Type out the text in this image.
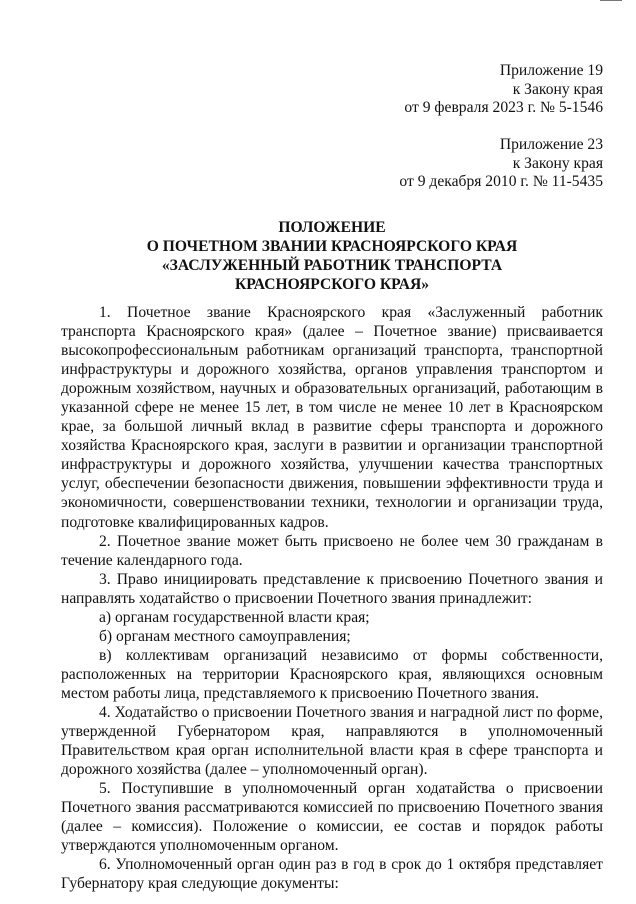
Приложение 19
к Закону края
от 9 февраля 2023 г. № 5-1546
Приложение 23
к Закону края
от 9 декабря 2010 г. № 11-5435
ПОЛОЖЕНИЕ
О ПОЧЕТНОМ ЗВАНИИ КРАСНОЯРСКОГО КРАЯ
«ЗАСЛУЖЕННЫЙ РАБОТНИК ТРАНСПОРТА
КРАСНОЯРСКОГО КРАЯ»

1. Почетное звание Красноярского края «Заслуженный работник транспорта Красноярского края» (далее – Почетное звание) присваивается высокопрофессиональным работникам организаций транспорта, транспортной инфраструктуры и дорожного хозяйства, органов управления транспортом и дорожным хозяйством, научных и образовательных организаций, работающим в указанной сфере не менее 15 лет, в том числе не менее 10 лет в Красноярском крае, за большой личный вклад в развитие сферы транспорта и дорожного хозяйства Красноярского края, заслуги в развитии и организации транспортной инфраструктуры и дорожного хозяйства, улучшении качества транспортных услуг, обеспечении безопасности движения, повышении эффективности труда и экономичности, совершенствовании техники, технологии и организации труда, подготовке квалифицированных кадров.

2. Почетное звание может быть присвоено не более чем 30 гражданам в течение календарного года.

3. Право инициировать представление к присвоению Почетного звания и направлять ходатайство о присвоении Почетного звания принадлежит:

а) органам государственной власти края;

б) органам местного самоуправления;

в) коллективам организаций независимо от формы собственности, расположенных на территории Красноярского края, являющихся основным местом работы лица, представляемого к присвоению Почетного звания.

4. Ходатайство о присвоении Почетного звания и наградной лист по форме, утвержденной Губернатором края, направляются в уполномоченный Правительством края орган исполнительной власти края в сфере транспорта и дорожного хозяйства (далее – уполномоченный орган).

5. Поступившие в уполномоченный орган ходатайства о присвоении Почетного звания рассматриваются комиссией по присвоению Почетного звания (далее – комиссия). Положение о комиссии, ее состав и порядок работы утверждаются уполномоченным органом.

6. Уполномоченный орган один раз в год в срок до 1 октября представляет Губернатору края следующие документы:
